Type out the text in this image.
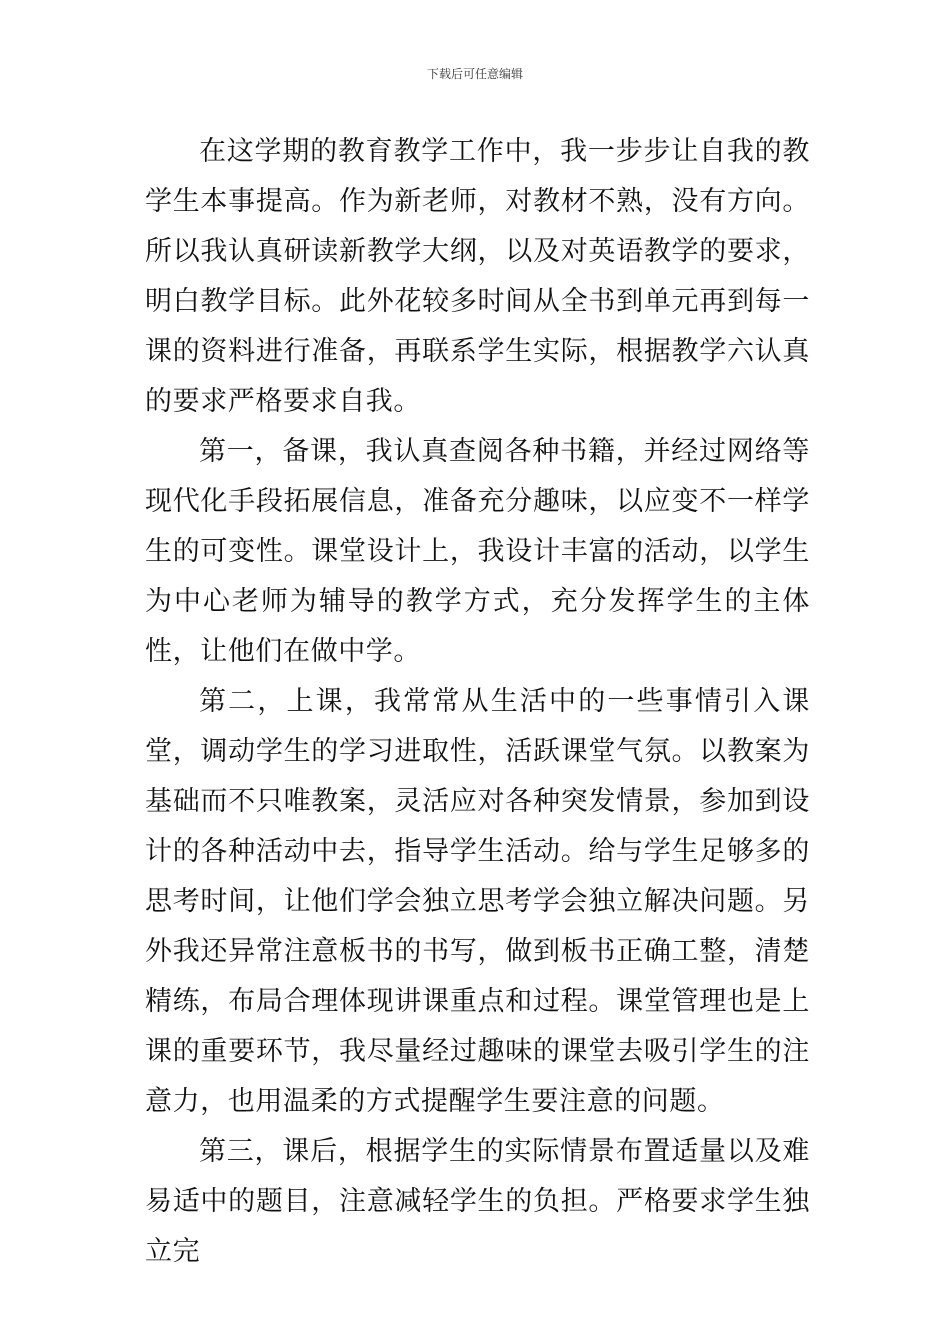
下载后可任意编辑

在这学期的教育教学工作中，我一步步让自我的教学生本事提高。作为新老师，对教材不熟，没有方向。所以我认真研读新教学大纲，以及对英语教学的要求，明白教学目标。此外花较多时间从全书到单元再到每一课的资料进行准备，再联系学生实际，根据教学六认真的要求严格要求自我。

第一，备课，我认真查阅各种书籍，并经过网络等现代化手段拓展信息，准备充分趣味，以应变不一样学生的可变性。课堂设计上，我设计丰富的活动，以学生为中心老师为辅导的教学方式，充分发挥学生的主体性，让他们在做中学。

第二，上课，我常常从生活中的一些事情引入课堂，调动学生的学习进取性，活跃课堂气氛。以教案为基础而不只唯教案，灵活应对各种突发情景，参加到设计的各种活动中去，指导学生活动。给与学生足够多的思考时间，让他们学会独立思考学会独立解决问题。另外我还异常注意板书的书写，做到板书正确工整，清楚精练，布局合理体现讲课重点和过程。课堂管理也是上课的重要环节，我尽量经过趣味的课堂去吸引学生的注意力，也用温柔的方式提醒学生要注意的问题。

第三，课后，根据学生的实际情景布置适量以及难易适中的题目，注意减轻学生的负担。严格要求学生独立完
